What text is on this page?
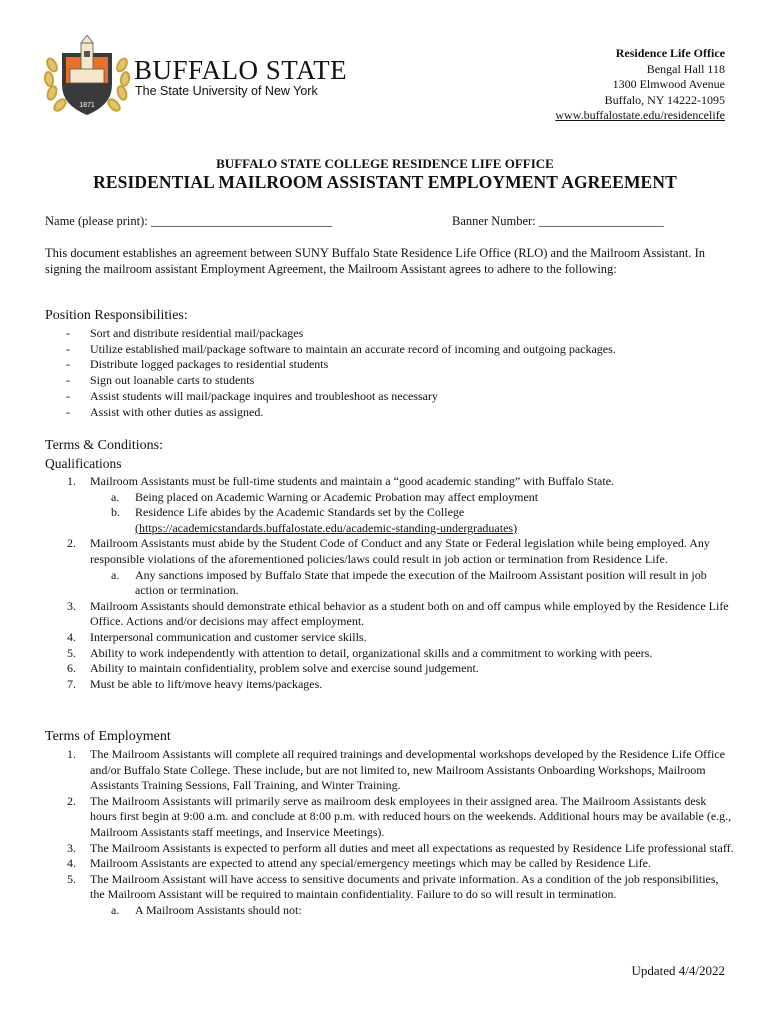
1871
BUFFALO STATE
The State University of New York
Residence Life Office
Bengal Hall 118
1300 Elmwood Avenue
Buffalo, NY 14222-1095
www.buffalostate.edu/residencelife
BUFFALO STATE COLLEGE RESIDENCE LIFE OFFICE
RESIDENTIAL MAILROOM ASSISTANT EMPLOYMENT AGREEMENT
Name (please print): _____________________________	Banner Number: ____________________
This document establishes an agreement between SUNY Buffalo State Residence Life Office (RLO) and the Mailroom Assistant. In signing the mailroom assistant Employment Agreement, the Mailroom Assistant agrees to adhere to the following:
Position Responsibilities:
- Sort and distribute residential mail/packages
- Utilize established mail/package software to maintain an accurate record of incoming and outgoing packages.
- Distribute logged packages to residential students
- Sign out loanable carts to students
- Assist students will mail/package inquires and troubleshoot as necessary
- Assist with other duties as assigned.
Terms & Conditions:
Qualifications
1. Mailroom Assistants must be full-time students and maintain a “good academic standing” with Buffalo State.
a. Being placed on Academic Warning or Academic Probation may affect employment
b. Residence Life abides by the Academic Standards set by the College
(https://academicstandards.buffalostate.edu/academic-standing-undergraduates)
2. Mailroom Assistants must abide by the Student Code of Conduct and any State or Federal legislation while being employed. Any responsible violations of the aforementioned policies/laws could result in job action or termination from Residence Life.
a. Any sanctions imposed by Buffalo State that impede the execution of the Mailroom Assistant position will result in job action or termination.
3. Mailroom Assistants should demonstrate ethical behavior as a student both on and off campus while employed by the Residence Life Office. Actions and/or decisions may affect employment.
4. Interpersonal communication and customer service skills.
5. Ability to work independently with attention to detail, organizational skills and a commitment to working with peers.
6. Ability to maintain confidentiality, problem solve and exercise sound judgement.
7. Must be able to lift/move heavy items/packages.
Terms of Employment
1. The Mailroom Assistants will complete all required trainings and developmental workshops developed by the Residence Life Office and/or Buffalo State College. These include, but are not limited to, new Mailroom Assistants Onboarding Workshops, Mailroom Assistants Training Sessions, Fall Training, and Winter Training.
2. The Mailroom Assistants will primarily serve as mailroom desk employees in their assigned area. The Mailroom Assistants desk hours first begin at 9:00 a.m. and conclude at 8:00 p.m. with reduced hours on the weekends. Additional hours may be available (e.g., Mailroom Assistants staff meetings, and Inservice Meetings).
3. The Mailroom Assistants is expected to perform all duties and meet all expectations as requested by Residence Life professional staff.
4. Mailroom Assistants are expected to attend any special/emergency meetings which may be called by Residence Life.
5. The Mailroom Assistant will have access to sensitive documents and private information. As a condition of the job responsibilities, the Mailroom Assistant will be required to maintain confidentiality. Failure to do so will result in termination.
a. A Mailroom Assistants should not:
Updated 4/4/2022
